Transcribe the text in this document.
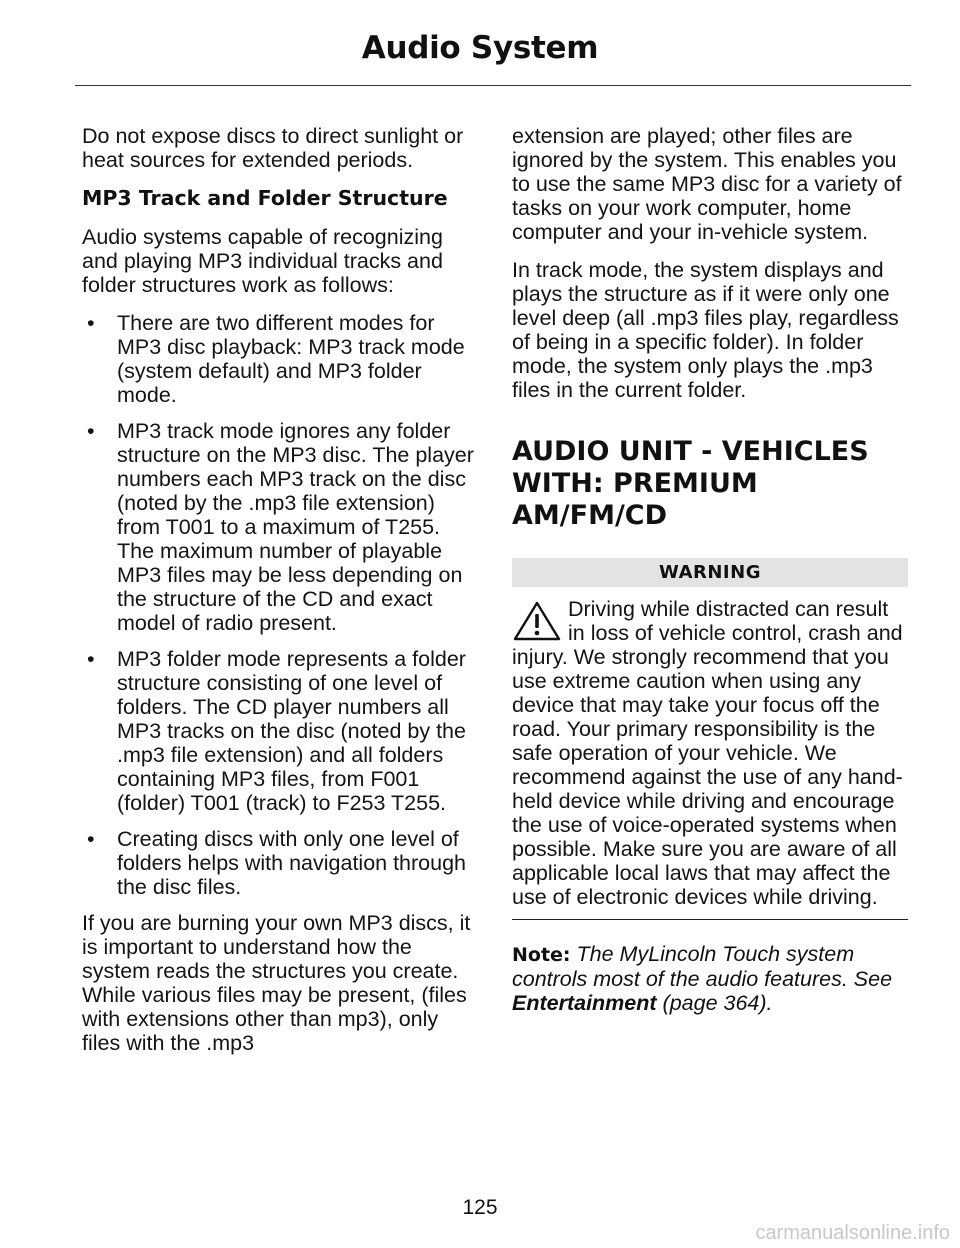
Audio System

Do not expose discs to direct sunlight or heat sources for extended periods.

MP3 Track and Folder Structure

Audio systems capable of recognizing and playing MP3 individual tracks and folder structures work as follows:

• There are two different modes for MP3 disc playback: MP3 track mode (system default) and MP3 folder mode.
• MP3 track mode ignores any folder structure on the MP3 disc. The player numbers each MP3 track on the disc (noted by the .mp3 file extension) from T001 to a maximum of T255. The maximum number of playable MP3 files may be less depending on the structure of the CD and exact model of radio present.
• MP3 folder mode represents a folder structure consisting of one level of folders. The CD player numbers all MP3 tracks on the disc (noted by the .mp3 file extension) and all folders containing MP3 files, from F001 (folder) T001 (track) to F253 T255.
• Creating discs with only one level of folders helps with navigation through the disc files.

If you are burning your own MP3 discs, it is important to understand how the system reads the structures you create. While various files may be present, (files with extensions other than mp3), only files with the .mp3

extension are played; other files are ignored by the system. This enables you to use the same MP3 disc for a variety of tasks on your work computer, home computer and your in-vehicle system.

In track mode, the system displays and plays the structure as if it were only one level deep (all .mp3 files play, regardless of being in a specific folder). In folder mode, the system only plays the .mp3 files in the current folder.

AUDIO UNIT - VEHICLES
WITH: PREMIUM
AM/FM/CD
WARNING

Driving while distracted can result in loss of vehicle control, crash and injury. We strongly recommend that you use extreme caution when using any device that may take your focus off the road. Your primary responsibility is the safe operation of your vehicle. We recommend against the use of any hand-held device while driving and encourage the use of voice-operated systems when possible. Make sure you are aware of all applicable local laws that may affect the use of electronic devices while driving.

Note: The MyLincoln Touch system controls most of the audio features. See Entertainment (page 364).

125
carmanualsonline.info
